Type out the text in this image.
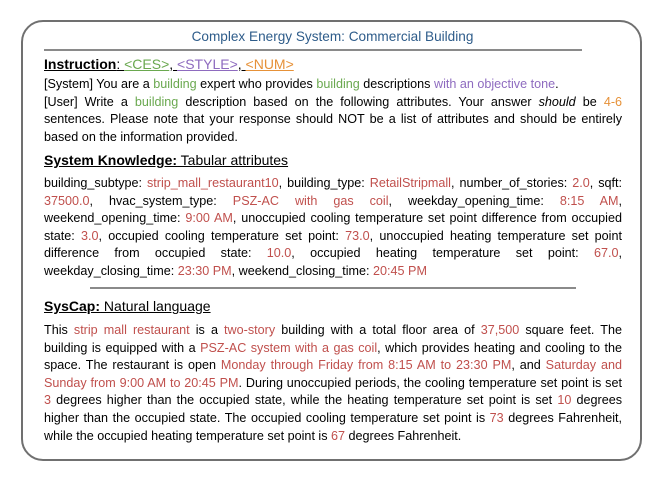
Complex Energy System: Commercial Building
Instruction: <CES>, <STYLE>, <NUM>
[System] You are a building expert who provides building descriptions with an objective tone.
[User] Write a building description based on the following attributes. Your answer should be 4-6 sentences. Please note that your response should NOT be a list of attributes and should be entirely based on the information provided.
System Knowledge: Tabular attributes
building_subtype: strip_mall_restaurant10, building_type: RetailStripmall, number_of_stories: 2.0, sqft: 37500.0, hvac_system_type: PSZ-AC with gas coil, weekday_opening_time: 8:15 AM, weekend_opening_time: 9:00 AM, unoccupied cooling temperature set point difference from occupied state: 3.0, occupied cooling temperature set point: 73.0, unoccupied heating temperature set point difference from occupied state: 10.0, occupied heating temperature set point: 67.0, weekday_closing_time: 23:30 PM, weekend_closing_time: 20:45 PM
SysCap: Natural language
This strip mall restaurant is a two-story building with a total floor area of 37,500 square feet. The building is equipped with a PSZ-AC system with a gas coil, which provides heating and cooling to the space. The restaurant is open Monday through Friday from 8:15 AM to 23:30 PM, and Saturday and Sunday from 9:00 AM to 20:45 PM. During unoccupied periods, the cooling temperature set point is set 3 degrees higher than the occupied state, while the heating temperature set point is set 10 degrees higher than the occupied state. The occupied cooling temperature set point is 73 degrees Fahrenheit, while the occupied heating temperature set point is 67 degrees Fahrenheit.
